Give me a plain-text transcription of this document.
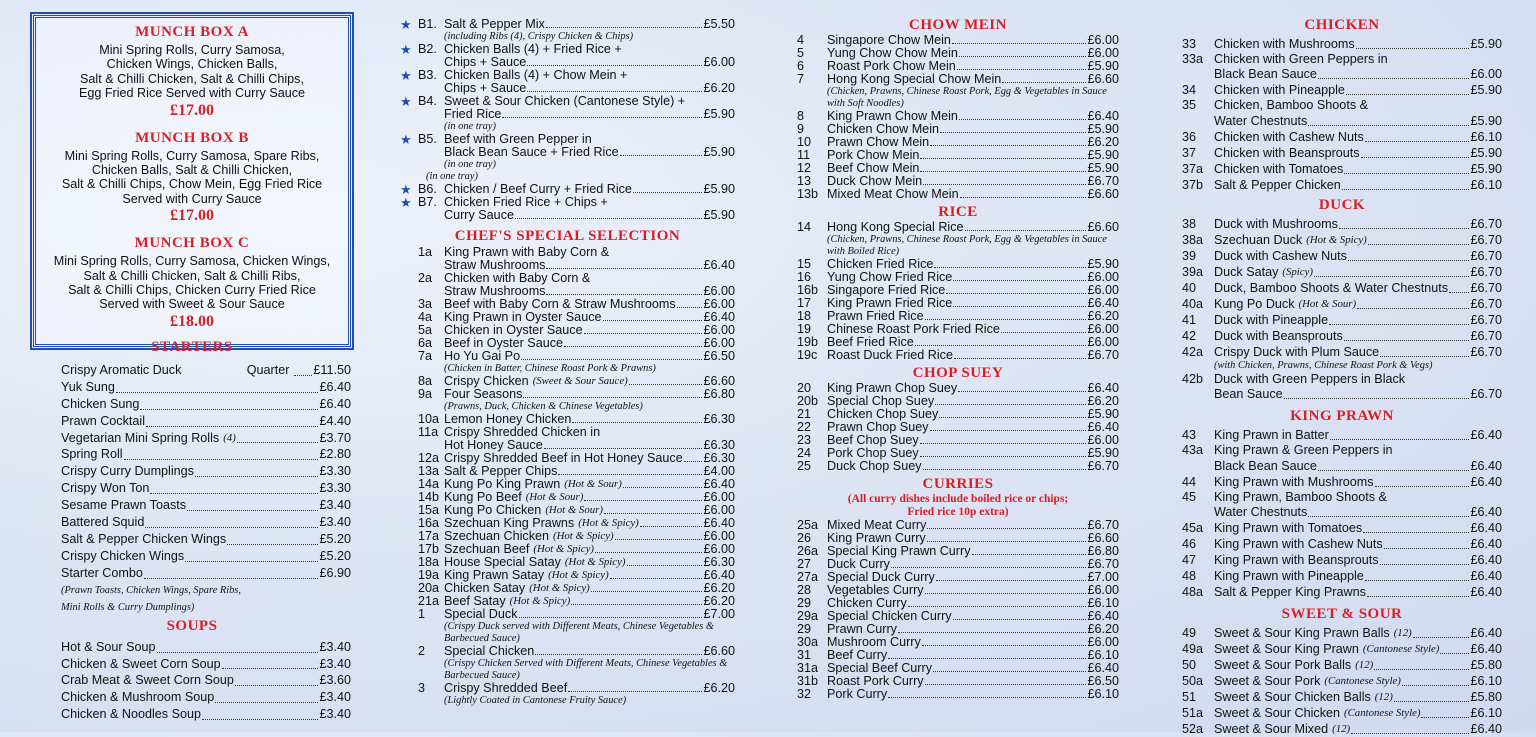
MUNCH BOX A
Mini Spring Rolls, Curry Samosa,
Chicken Wings, Chicken Balls,
Salt & Chilli Chicken, Salt & Chilli Chips,
Egg Fried Rice Served with Curry Sauce
£17.00
MUNCH BOX B
Mini Spring Rolls, Curry Samosa, Spare Ribs,
Chicken Balls, Salt & Chilli Chicken,
Salt & Chilli Chips, Chow Mein, Egg Fried Rice
Served with Curry Sauce
£17.00
MUNCH BOX C
Mini Spring Rolls, Curry Samosa, Chicken Wings,
Salt & Chilli Chicken, Salt & Chilli Ribs,
Salt & Chilli Chips, Chicken Curry Fried Rice
Served with Sweet & Sour Sauce
£18.00
STARTERS
Crispy Aromatic Duck	Quarter £11.50
Yuk Sung	£6.40
Chicken Sung	£6.40
Prawn Cocktail	£4.40
Vegetarian Mini Spring Rolls (4)	£3.70
Spring Roll	£2.80
Crispy Curry Dumplings	£3.30
Crispy Won Ton	£3.30
Sesame Prawn Toasts	£3.40
Battered Squid	£3.40
Salt & Pepper Chicken Wings	£5.20
Crispy Chicken Wings	£5.20
Starter Combo	£6.90
(Prawn Toasts, Chicken Wings, Spare Ribs,
Mini Rolls & Curry Dumplings)
SOUPS
Hot & Sour Soup	£3.40
Chicken & Sweet Corn Soup	£3.40
Crab Meat & Sweet Corn Soup	£3.60
Chicken & Mushroom Soup	£3.40
Chicken & Noodles Soup	£3.40
★ B1. Salt & Pepper Mix	£5.50
(including Ribs (4), Crispy Chicken & Chips)
★ B2. Chicken Balls (4) + Fried Rice +
Chips + Sauce	£6.00
★ B3. Chicken Balls (4) + Chow Mein +
Chips + Sauce	£6.20
★ B4. Sweet & Sour Chicken (Cantonese Style) +
Fried Rice	£5.90
(in one tray)
★ B5. Beef with Green Pepper in
Black Bean Sauce + Fried Rice	£5.90
(in one tray)
(in one tray)
★ B6. Chicken / Beef Curry + Fried Rice	£5.90
★ B7. Chicken Fried Rice + Chips +
Curry Sauce	£5.90
CHEF'S SPECIAL SELECTION
1a King Prawn with Baby Corn &
Straw Mushrooms	£6.40
2a Chicken with Baby Corn &
Straw Mushrooms	£6.00
3a Beef with Baby Corn & Straw Mushrooms £6.00
4a King Prawn in Oyster Sauce	£6.40
5a Chicken in Oyster Sauce	£6.00
6a Beef in Oyster Sauce	£6.00
7a Ho Yu Gai Po	£6.50
(Chicken in Batter, Chinese Roast Pork & Prawns)
8a Crispy Chicken (Sweet & Sour Sauce)	£6.60
9a Four Seasons	£6.80
(Prawns, Duck, Chicken & Chinese Vegetables)
10a Lemon Honey Chicken	£6.30
11a Crispy Shredded Chicken in
Hot Honey Sauce	£6.30
12a Crispy Shredded Beef in Hot Honey Sauce £6.30
13a Salt & Pepper Chips	£4.00
14a Kung Po King Prawn (Hot & Sour)	£6.40
14b Kung Po Beef (Hot & Sour)	£6.00
15a Kung Po Chicken (Hot & Sour)	£6.00
16a Szechuan King Prawns (Hot & Spicy)	£6.40
17a Szechuan Chicken (Hot & Spicy)	£6.00
17b Szechuan Beef (Hot & Spicy)	£6.00
18a House Special Satay (Hot & Spicy)	£6.30
19a King Prawn Satay (Hot & Spicy)	£6.40
20a Chicken Satay (Hot & Spicy)	£6.20
21a Beef Satay (Hot & Spicy)	£6.20
1	Special Duck	£7.00
(Crispy Duck served with Different Meats, Chinese Vegetables & Barbecued Sauce)
2	Special Chicken	£6.60
(Crispy Chicken Served with Different Meats, Chinese Vegetables & Barbecued Sauce)
3	Crispy Shredded Beef	£6.20
(Lightly Coated in Cantonese Fruity Sauce)
CHOW MEIN
4	Singapore Chow Mein	£6.00
5	Yung Chow Chow Mein	£6.00
6	Roast Pork Chow Mein	£5.90
7	Hong Kong Special Chow Mein	£6.60
(Chicken, Prawns, Chinese Roast Pork, Egg & Vegetables in Sauce with Soft Noodles)
8	King Prawn Chow Mein	£6.40
9	Chicken Chow Mein	£5.90
10	Prawn Chow Mein	£6.20
11	Pork Chow Mein	£5.90
12	Beef Chow Mein	£5.90
13	Duck Chow Mein	£6.70
13b Mixed Meat Chow Mein	£6.60
RICE
14	Hong Kong Special Rice	£6.60
(Chicken, Prawns, Chinese Roast Pork, Egg & Vegetables in Sauce with Boiled Rice)
15	Chicken Fried Rice	£5.90
16	Yung Chow Fried Rice	£6.00
16b Singapore Fried Rice	£6.00
17	King Prawn Fried Rice	£6.40
18	Prawn Fried Rice	£6.20
19	Chinese Roast Pork Fried Rice	£6.00
19b Beef Fried Rice	£6.00
19c Roast Duck Fried Rice	£6.70
CHOP SUEY
20	King Prawn Chop Suey	£6.40
20b Special Chop Suey	£6.20
21	Chicken Chop Suey	£5.90
22	Prawn Chop Suey	£6.40
23	Beef Chop Suey	£6.00
24	Pork Chop Suey	£5.90
25	Duck Chop Suey	£6.70
CURRIES
(All curry dishes include boiled rice or chips;
Fried rice 10p extra)
25a Mixed Meat Curry	£6.70
26	King Prawn Curry	£6.60
26a Special King Prawn Curry	£6.80
27	Duck Curry	£6.70
27a Special Duck Curry	£7.00
28	Vegetables Curry	£6.00
29	Chicken Curry	£6.10
29a Special Chicken Curry	£6.40
29	Prawn Curry	£6.20
30a Mushroom Curry	£6.00
31	Beef Curry	£6.10
31a Special Beef Curry	£6.40
31b Roast Pork Curry	£6.50
32	Pork Curry	£6.10
CHICKEN
33	Chicken with Mushrooms	£5.90
33a Chicken with Green Peppers in
Black Bean Sauce	£6.00
34	Chicken with Pineapple	£5.90
35	Chicken, Bamboo Shoots &
Water Chestnuts	£5.90
36	Chicken with Cashew Nuts	£6.10
37	Chicken with Beansprouts	£5.90
37a Chicken with Tomatoes	£5.90
37b Salt & Pepper Chicken	£6.10
DUCK
38	Duck with Mushrooms	£6.70
38a Szechuan Duck (Hot & Spicy)	£6.70
39	Duck with Cashew Nuts	£6.70
39a Duck Satay (Spicy)	£6.70
40	Duck, Bamboo Shoots & Water Chestnuts £6.70
40a Kung Po Duck (Hot & Sour)	£6.70
41	Duck with Pineapple	£6.70
42	Duck with Beansprouts	£6.70
42a Crispy Duck with Plum Sauce	£6.70
(with Chicken, Prawns, Chinese Roast Pork & Vegs)
42b Duck with Green Peppers in Black
Bean Sauce	£6.70
KING PRAWN
43	King Prawn in Batter	£6.40
43a King Prawn & Green Peppers in
Black Bean Sauce	£6.40
44	King Prawn with Mushrooms	£6.40
45	King Prawn, Bamboo Shoots &
Water Chestnuts	£6.40
45a King Prawn with Tomatoes	£6.40
46	King Prawn with Cashew Nuts	£6.40
47	King Prawn with Beansprouts	£6.40
48	King Prawn with Pineapple	£6.40
48a Salt & Pepper King Prawns	£6.40
SWEET & SOUR
49	Sweet & Sour King Prawn Balls (12)	£6.40
49a Sweet & Sour King Prawn (Cantonese Style) £6.40
50	Sweet & Sour Pork Balls (12)	£5.80
50a Sweet & Sour Pork (Cantonese Style)	£6.10
51	Sweet & Sour Chicken Balls (12)	£5.80
51a Sweet & Sour Chicken (Cantonese Style)	£6.10
52a Sweet & Sour Mixed (12)	£6.40
